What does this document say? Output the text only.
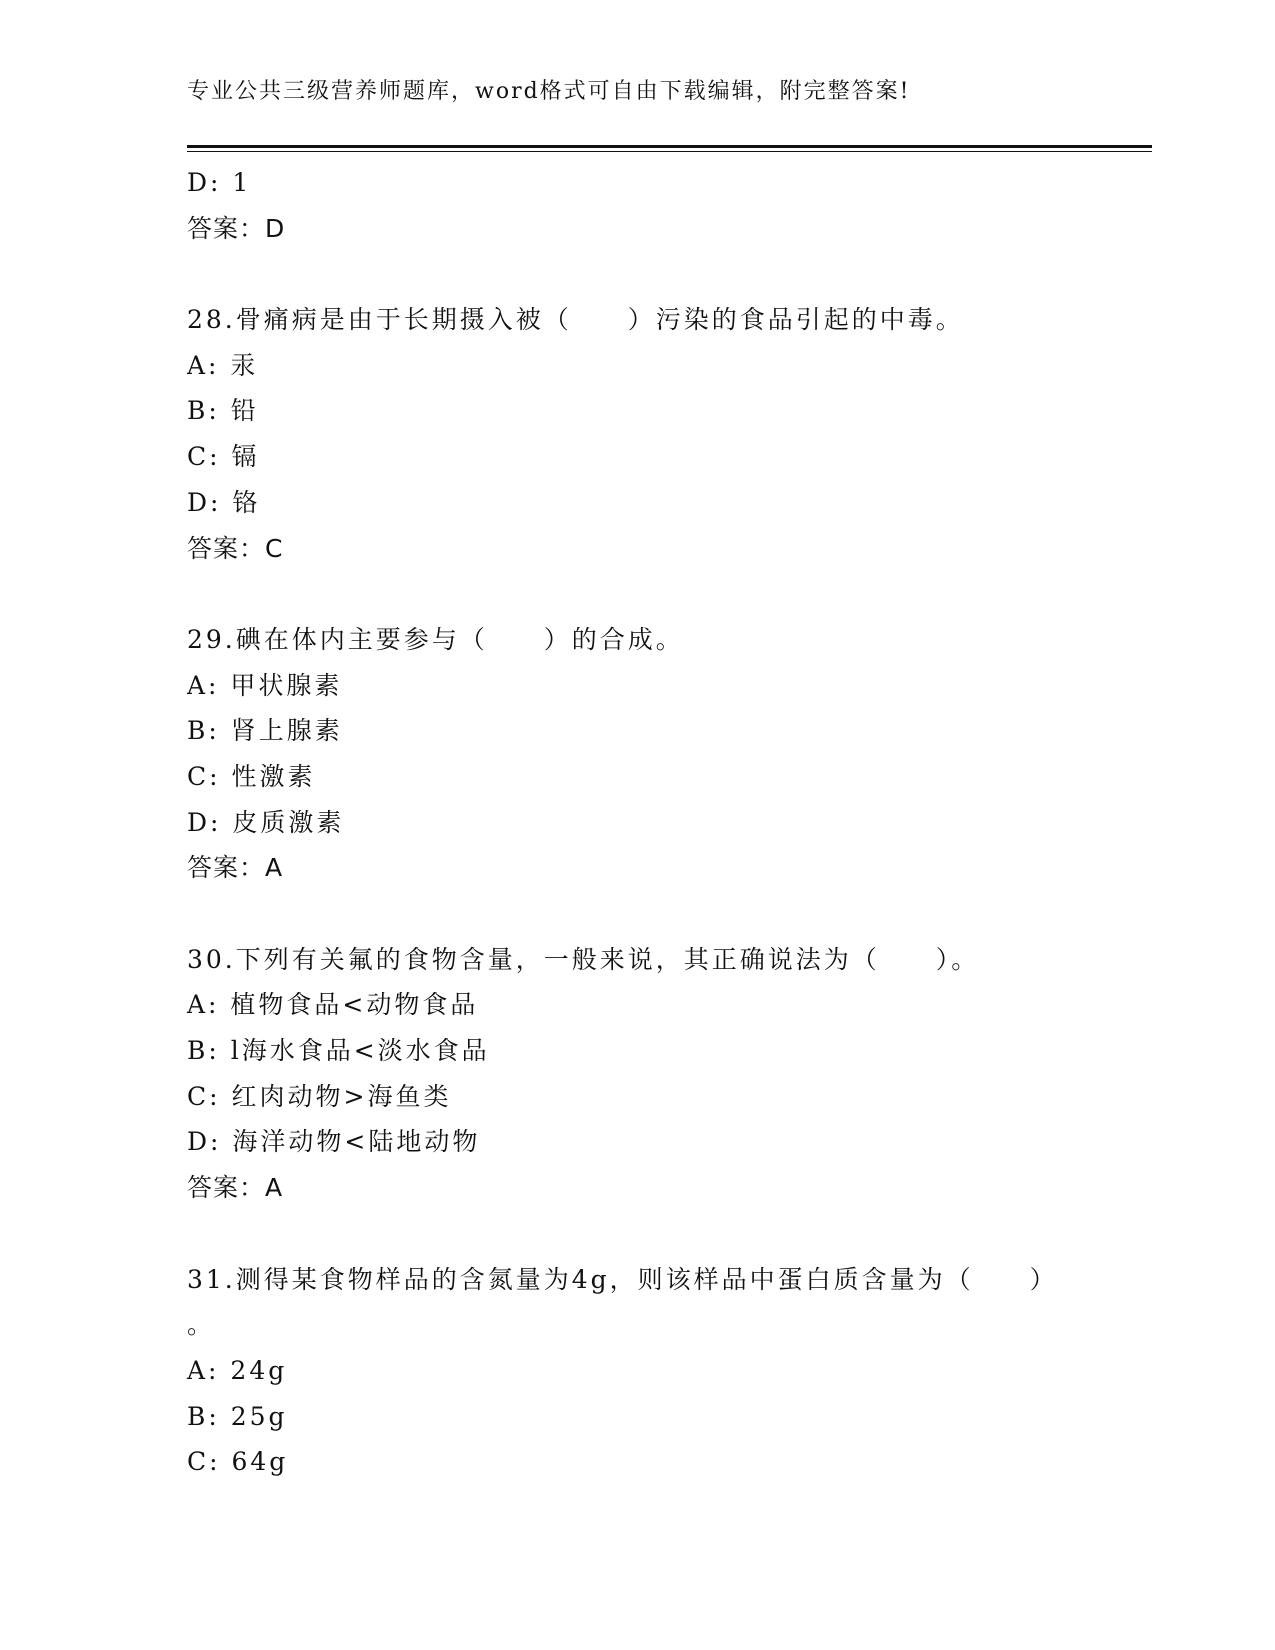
专业公共三级营养师题库，word格式可自由下载编辑，附完整答案!
D: 1
答案：D
28.骨痛病是由于长期摄入被（　　）污染的食品引起的中毒。
A: 汞
B: 铅
C: 镉
D: 铬
答案：C
29.碘在体内主要参与（　　）的合成。
A: 甲状腺素
B: 肾上腺素
C: 性激素
D: 皮质激素
答案：A
30.下列有关氟的食物含量，一般来说，其正确说法为（　　）。
A: 植物食品<动物食品
B: l海水食品<淡水食品
C: 红肉动物>海鱼类
D: 海洋动物<陆地动物
答案：A
31.测得某食物样品的含氮量为4g，则该样品中蛋白质含量为（　　）
。
A: 24g
B: 25g
C: 64g
